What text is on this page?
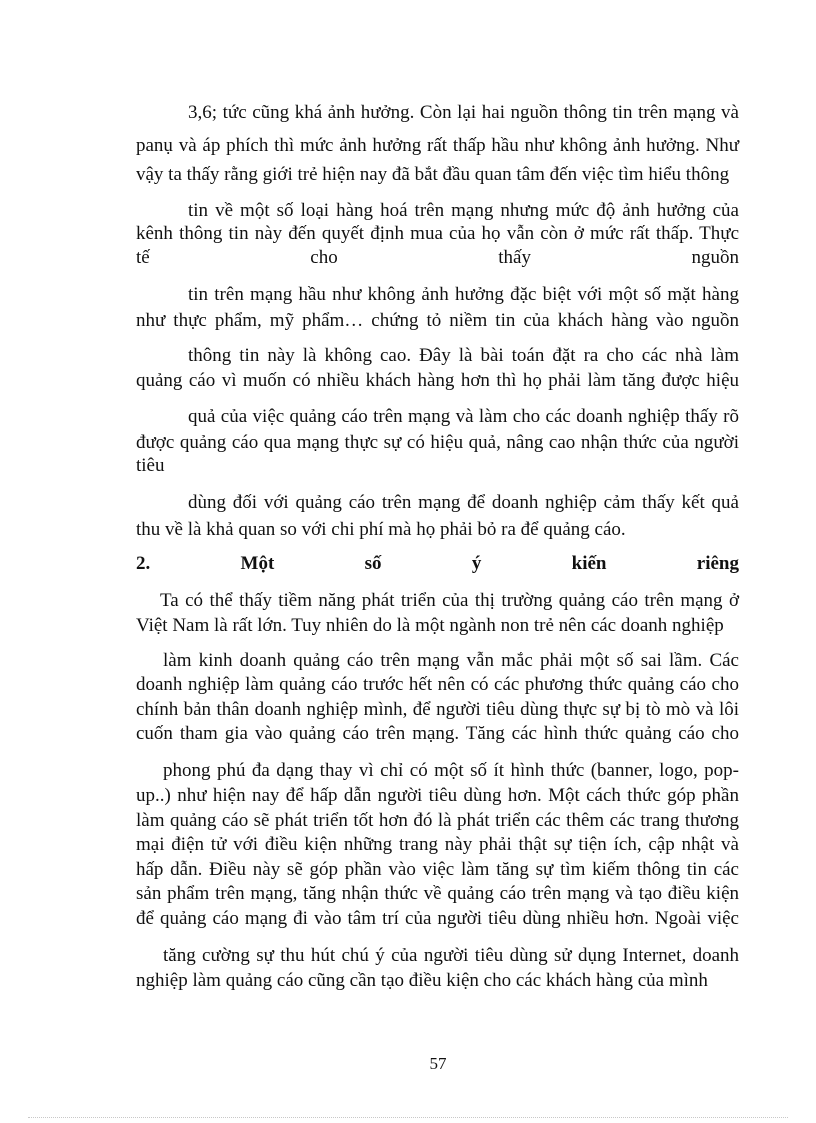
3,6; tức cũng khá ảnh hưởng. Còn lại hai nguồn thông tin trên mạng và
panụ và áp phích thì mức ảnh hưởng rất thấp hầu như không ảnh hưởng. Như
vậy ta thấy rằng giới trẻ hiện nay đã bắt đầu quan tâm đến việc tìm hiểu thông
tin về một số loại hàng hoá trên mạng nhưng mức độ ảnh hưởng của
kênh thông tin này đến quyết định mua của họ vẫn còn ở mức rất thấp. Thực
tế cho thấy nguồn
tin trên mạng hầu như không ảnh hưởng đặc biệt với một số mặt hàng
như thực phẩm, mỹ phẩm… chứng tỏ niềm tin của khách hàng vào nguồn
thông tin này là không cao. Đây là bài toán đặt ra cho các nhà làm
quảng cáo vì muốn có nhiều khách hàng hơn thì họ phải làm tăng được hiệu
quả của việc quảng cáo trên mạng và làm cho các doanh nghiệp thấy rõ
được quảng cáo qua mạng thực sự có hiệu quả, nâng cao nhận thức của người
tiêu
dùng đối với quảng cáo trên mạng để doanh nghiệp cảm thấy kết quả
thu về là khả quan so với chi phí mà họ phải bỏ ra để quảng cáo.
2. Một số ý kiến riêng
Ta có thể thấy tiềm năng phát triển của thị trường quảng cáo trên mạng ở
Việt Nam là rất lớn. Tuy nhiên do là một ngành non trẻ nên các doanh nghiệp
làm kinh doanh quảng cáo trên mạng vẫn mắc phải một số sai lầm. Các
doanh nghiệp làm quảng cáo trước hết nên có các phương thức quảng cáo cho
chính bản thân doanh nghiệp mình, để người tiêu dùng thực sự bị tò mò và lôi
cuốn tham gia vào quảng cáo trên mạng. Tăng các hình thức quảng cáo cho
phong phú đa dạng thay vì chỉ có một số ít hình thức (banner, logo, pop-
up..) như hiện nay để hấp dẫn người tiêu dùng hơn. Một cách thức góp phần
làm quảng cáo sẽ phát triển tốt hơn đó là phát triển các thêm các trang thương
mại điện tử với điều kiện những trang này phải thật sự tiện ích, cập nhật và
hấp dẫn. Điều này sẽ góp phần vào việc làm tăng sự tìm kiếm thông tin các
sản phẩm trên mạng, tăng nhận thức về quảng cáo trên mạng và tạo điều kiện
để quảng cáo mạng đi vào tâm trí của người tiêu dùng nhiều hơn. Ngoài việc
tăng cường sự thu hút chú ý của người tiêu dùng sử dụng Internet, doanh
nghiệp làm quảng cáo cũng cần tạo điều kiện cho các khách hàng của mình
57
